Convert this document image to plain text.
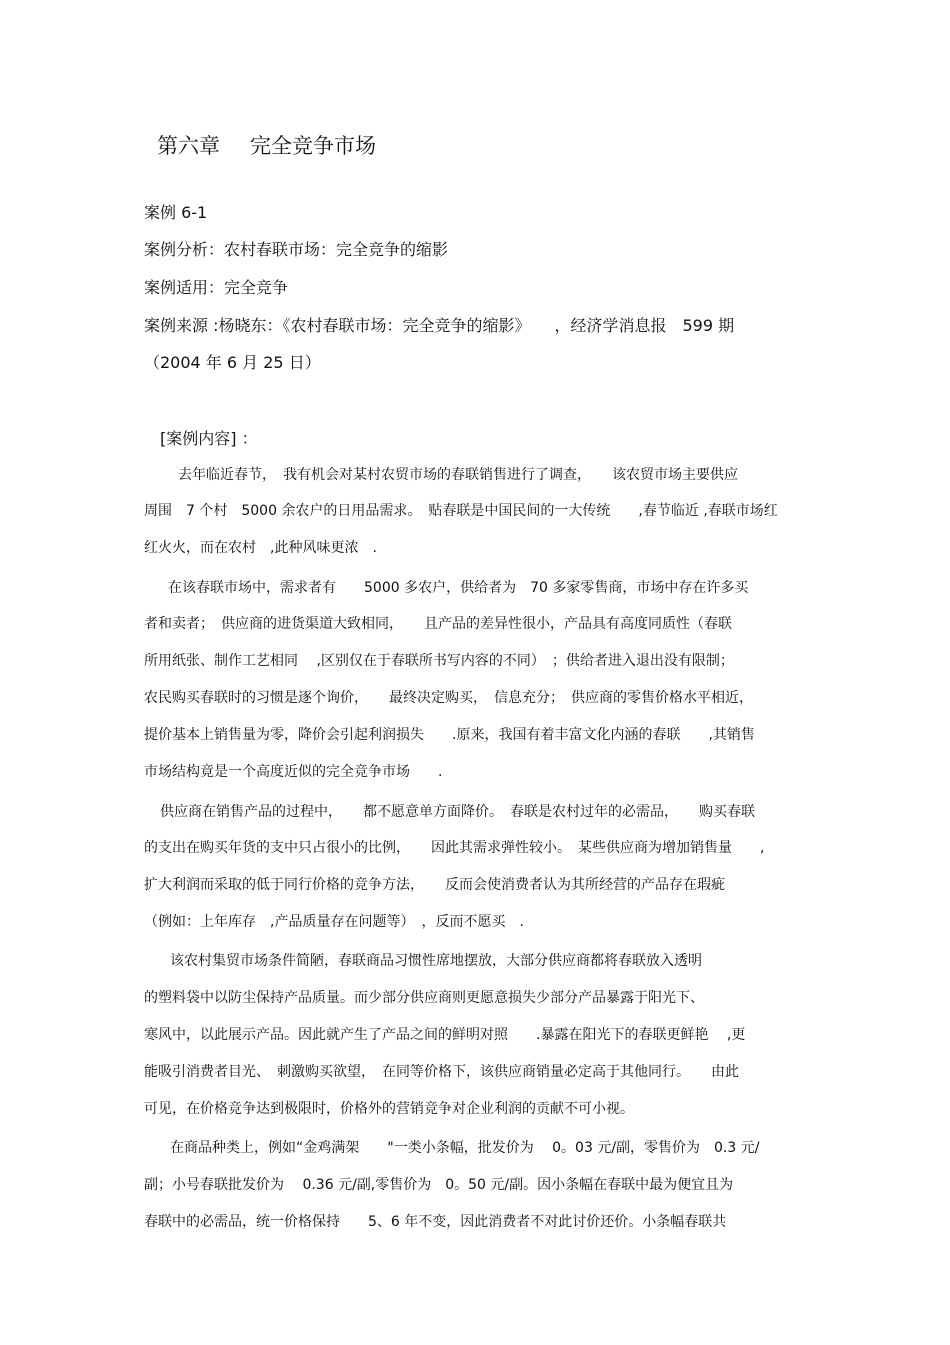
第六章 完全竞争市场

案例 6-1

案例分析：农村春联市场：完全竞争的缩影

案例适用：完全竞争

案例来源 :杨晓东：《农村春联市场：完全竞争的缩影》　　，经济学消息报　599 期

（2004 年 6 月 25 日）

[案例内容] ：

去年临近春节，　我有机会对某村农贸市场的春联销售进行了调查，　　该农贸市场主要供应

周围　7 个村　5000 余农户的日用品需求。　贴春联是中国民间的一大传统　　,春节临近 ,春联市场红

红火火，而在农村　,此种风味更浓　.

在该春联市场中，需求者有　　5000 多农户，供给者为　70 多家零售商，市场中存在许多买

者和卖者；　供应商的进货渠道大致相同，　　且产品的差异性很小，产品具有高度同质性（春联

所用纸张、制作工艺相同　 ,区别仅在于春联所书写内容的不同）　；供给者进入退出没有限制；

农民购买春联时的习惯是逐个询价，　　最终决定购买，　信息充分；　供应商的零售价格水平相近，

提价基本上销售量为零，降价会引起利润损失　　.原来，我国有着丰富文化内涵的春联　　,其销售

市场结构竟是一个高度近似的完全竞争市场　　.

供应商在销售产品的过程中，　　都不愿意单方面降价。　春联是农村过年的必需品，　　购买春联

的支出在购买年货的支中只占很小的比例，　　因此其需求弹性较小。　某些供应商为增加销售量　　,

扩大利润而采取的低于同行价格的竞争方法，　　反而会使消费者认为其所经营的产品存在瑕疵

（例如：上年库存　,产品质量存在问题等）　，反而不愿买　.

该农村集贸市场条件简陋，春联商品习惯性席地摆放，大部分供应商都将春联放入透明

的塑料袋中以防尘保持产品质量。而少部分供应商则更愿意损失少部分产品暴露于阳光下、

寒风中，以此展示产品。因此就产生了产品之间的鲜明对照　　.暴露在阳光下的春联更鲜艳　 ,更

能吸引消费者目光、　刺激购买欲望，　在同等价格下，该供应商销量必定高于其他同行。　　由此

可见，在价格竞争达到极限时，价格外的营销竞争对企业利润的贡献不可小视。

在商品种类上，例如“金鸡满架　　"一类小条幅，批发价为　 0。03 元/副，零售价为　0.3 元/

副；小号春联批发价为　 0.36 元/副,零售价为　0。50 元/副。因小条幅在春联中最为便宜且为

春联中的必需品，统一价格保持　　5、6 年不变，因此消费者不对此讨价还价。小条幅春联共
